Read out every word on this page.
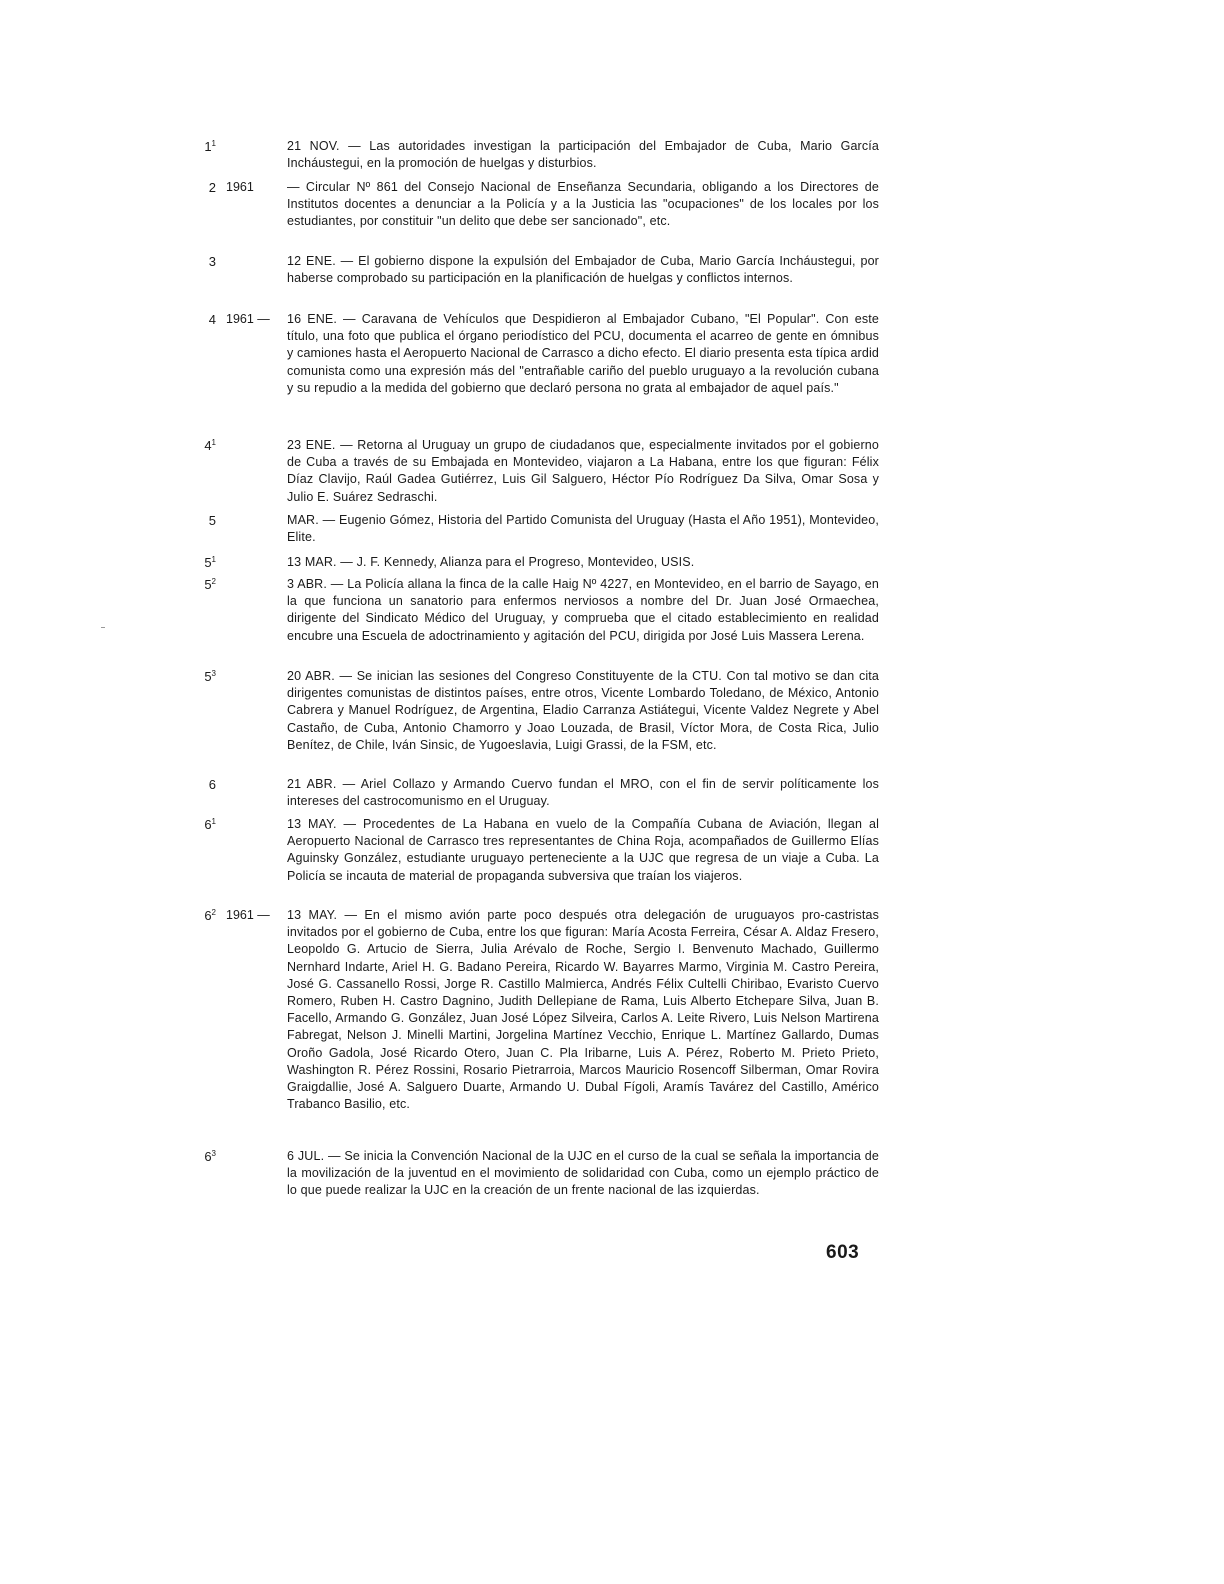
$1^1$	21 NOV. — Las autoridades investigan la participación del Embajador de Cuba, Mario García Incháustegui, en la promoción de huelgas y disturbios.
2 1961	— Circular Nº 861 del Consejo Nacional de Enseñanza Secundaria, obligando a los Directores de Institutos docentes a denunciar a la Policía y a la Justicia las "ocupaciones" de los locales por los estudiantes, por constituir "un delito que debe ser sancionado", etc.
3	12 ENE. — El gobierno dispone la expulsión del Embajador de Cuba, Mario García Incháustegui, por haberse comprobado su participación en la planificación de huelgas y conflictos internos.
4 1961 —	16 ENE. — Caravana de Vehículos que Despidieron al Embajador Cubano, "El Popular". Con este título, una foto que publica el órgano periodístico del PCU, documenta el acarreo de gente en ómnibus y camiones hasta el Aeropuerto Nacional de Carrasco a dicho efecto. El diario presenta esta típica ardid comunista como una expresión más del "entrañable cariño del pueblo uruguayo a la revolución cubana y su repudio a la medida del gobierno que declaró persona no grata al embajador de aquel país."
$4^1$	23 ENE. — Retorna al Uruguay un grupo de ciudadanos que, especialmente invitados por el gobierno de Cuba a través de su Embajada en Montevideo, viajaron a La Habana, entre los que figuran: Félix Díaz Clavijo, Raúl Gadea Gutiérrez, Luis Gil Salguero, Héctor Pío Rodríguez Da Silva, Omar Sosa y Julio E. Suárez Sedraschi.
5	MAR. — Eugenio Gómez, Historia del Partido Comunista del Uruguay (Hasta el Año 1951), Montevideo, Elite.
$5^1$	13 MAR. — J. F. Kennedy, Alianza para el Progreso, Montevideo, USIS.
$5^2$	3 ABR. — La Policía allana la finca de la calle Haig Nº 4227, en Montevideo, en el barrio de Sayago, en la que funciona un sanatorio para enfermos nerviosos a nombre del Dr. Juan José Ormaechea, dirigente del Sindicato Médico del Uruguay, y comprueba que el citado establecimiento en realidad encubre una Escuela de adoctrinamiento y agitación del PCU, dirigida por José Luis Massera Lerena.
$5^3$	20 ABR. — Se inician las sesiones del Congreso Constituyente de la CTU. Con tal motivo se dan cita dirigentes comunistas de distintos países, entre otros, Vicente Lombardo Toledano, de México, Antonio Cabrera y Manuel Rodríguez, de Argentina, Eladio Carranza Astiátegui, Vicente Valdez Negrete y Abel Castaño, de Cuba, Antonio Chamorro y Joao Louzada, de Brasil, Víctor Mora, de Costa Rica, Julio Benítez, de Chile, Iván Sinsic, de Yugoeslavia, Luigi Grassi, de la FSM, etc.
6	21 ABR. — Ariel Collazo y Armando Cuervo fundan el MRO, con el fin de servir políticamente los intereses del castrocomunismo en el Uruguay.
$6^1$	13 MAY. — Procedentes de La Habana en vuelo de la Compañía Cubana de Aviación, llegan al Aeropuerto Nacional de Carrasco tres representantes de China Roja, acompañados de Guillermo Elías Aguinsky González, estudiante uruguayo perteneciente a la UJC que regresa de un viaje a Cuba. La Policía se incauta de material de propaganda subversiva que traían los viajeros.
$6^2$ 1961 —	13 MAY. — En el mismo avión parte poco después otra delegación de uruguayos pro-castristas invitados por el gobierno de Cuba, entre los que figuran: María Acosta Ferreira, César A. Aldaz Fresero, Leopoldo G. Artucio de Sierra, Julia Arévalo de Roche, Sergio I. Benvenuto Machado, Guillermo Nernhard Indarte, Ariel H. G. Badano Pereira, Ricardo W. Bayarres Marmo, Virginia M. Castro Pereira, José G. Cassanello Rossi, Jorge R. Castillo Malmierca, Andrés Félix Cultelli Chiribao, Evaristo Cuervo Romero, Ruben H. Castro Dagnino, Judith Dellepiane de Rama, Luis Alberto Etchepare Silva, Juan B. Facello, Armando G. González, Juan José López Silveira, Carlos A. Leite Rivero, Luis Nelson Martirena Fabregat, Nelson J. Minelli Martini, Jorgelina Martínez Vecchio, Enrique L. Martínez Gallardo, Dumas Oroño Gadola, José Ricardo Otero, Juan C. Pla Iribarne, Luis A. Pérez, Roberto M. Prieto Prieto, Washington R. Pérez Rossini, Rosario Pietrarroia, Marcos Mauricio Rosencoff Silberman, Omar Rovira Graigdallie, José A. Salguero Duarte, Armando U. Dubal Fígoli, Aramís Tavárez del Castillo, Américo Trabanco Basilio, etc.
$6^3$	6 JUL. — Se inicia la Convención Nacional de la UJC en el curso de la cual se señala la importancia de la movilización de la juventud en el movimiento de solidaridad con Cuba, como un ejemplo práctico de lo que puede realizar la UJC en la creación de un frente nacional de las izquierdas.
603
